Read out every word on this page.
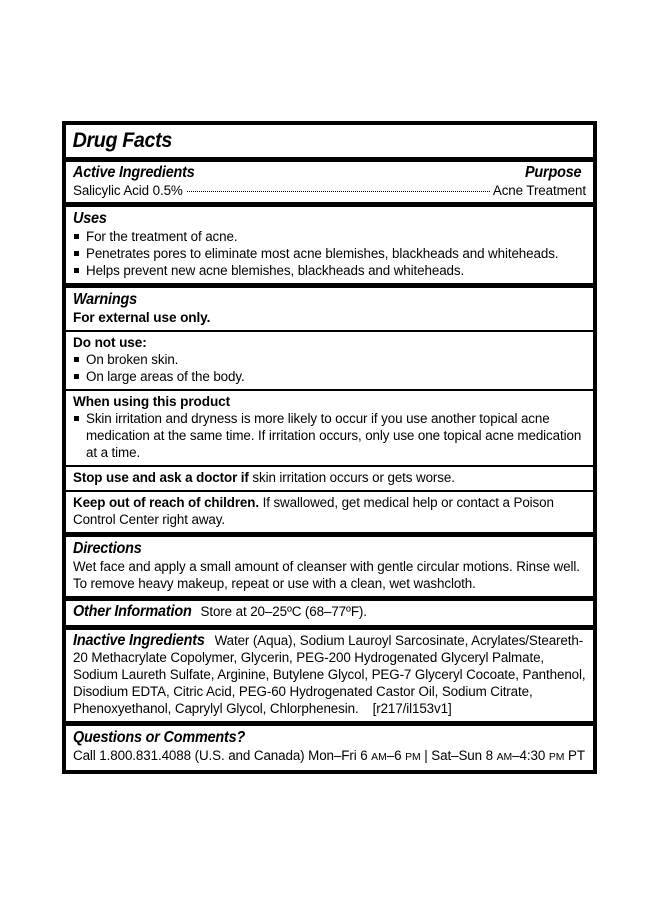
Drug Facts
Active Ingredients	Purpose
Salicylic Acid 0.5%	Acne Treatment
Uses
For the treatment of acne.
Penetrates pores to eliminate most acne blemishes, blackheads and whiteheads.
Helps prevent new acne blemishes, blackheads and whiteheads.
Warnings
For external use only.
Do not use:
On broken skin.
On large areas of the body.
When using this product
Skin irritation and dryness is more likely to occur if you use another topical acne medication at the same time. If irritation occurs, only use one topical acne medication at a time.
Stop use and ask a doctor if skin irritation occurs or gets worse.
Keep out of reach of children. If swallowed, get medical help or contact a Poison Control Center right away.
Directions
Wet face and apply a small amount of cleanser with gentle circular motions. Rinse well.
To remove heavy makeup, repeat or use with a clean, wet washcloth.
Other Information Store at 20–25ºC (68–77ºF).
Inactive Ingredients Water (Aqua), Sodium Lauroyl Sarcosinate, Acrylates/Steareth-20 Methacrylate Copolymer, Glycerin, PEG-200 Hydrogenated Glyceryl Palmate, Sodium Laureth Sulfate, Arginine, Butylene Glycol, PEG-7 Glyceryl Cocoate, Panthenol, Disodium EDTA, Citric Acid, PEG-60 Hydrogenated Castor Oil, Sodium Citrate, Phenoxyethanol, Caprylyl Glycol, Chlorphenesin. [r217/il153v1]
Questions or Comments?
Call 1.800.831.4088 (U.S. and Canada) Mon–Fri 6 AM–6 PM | Sat–Sun 8 AM–4:30 PM PT
